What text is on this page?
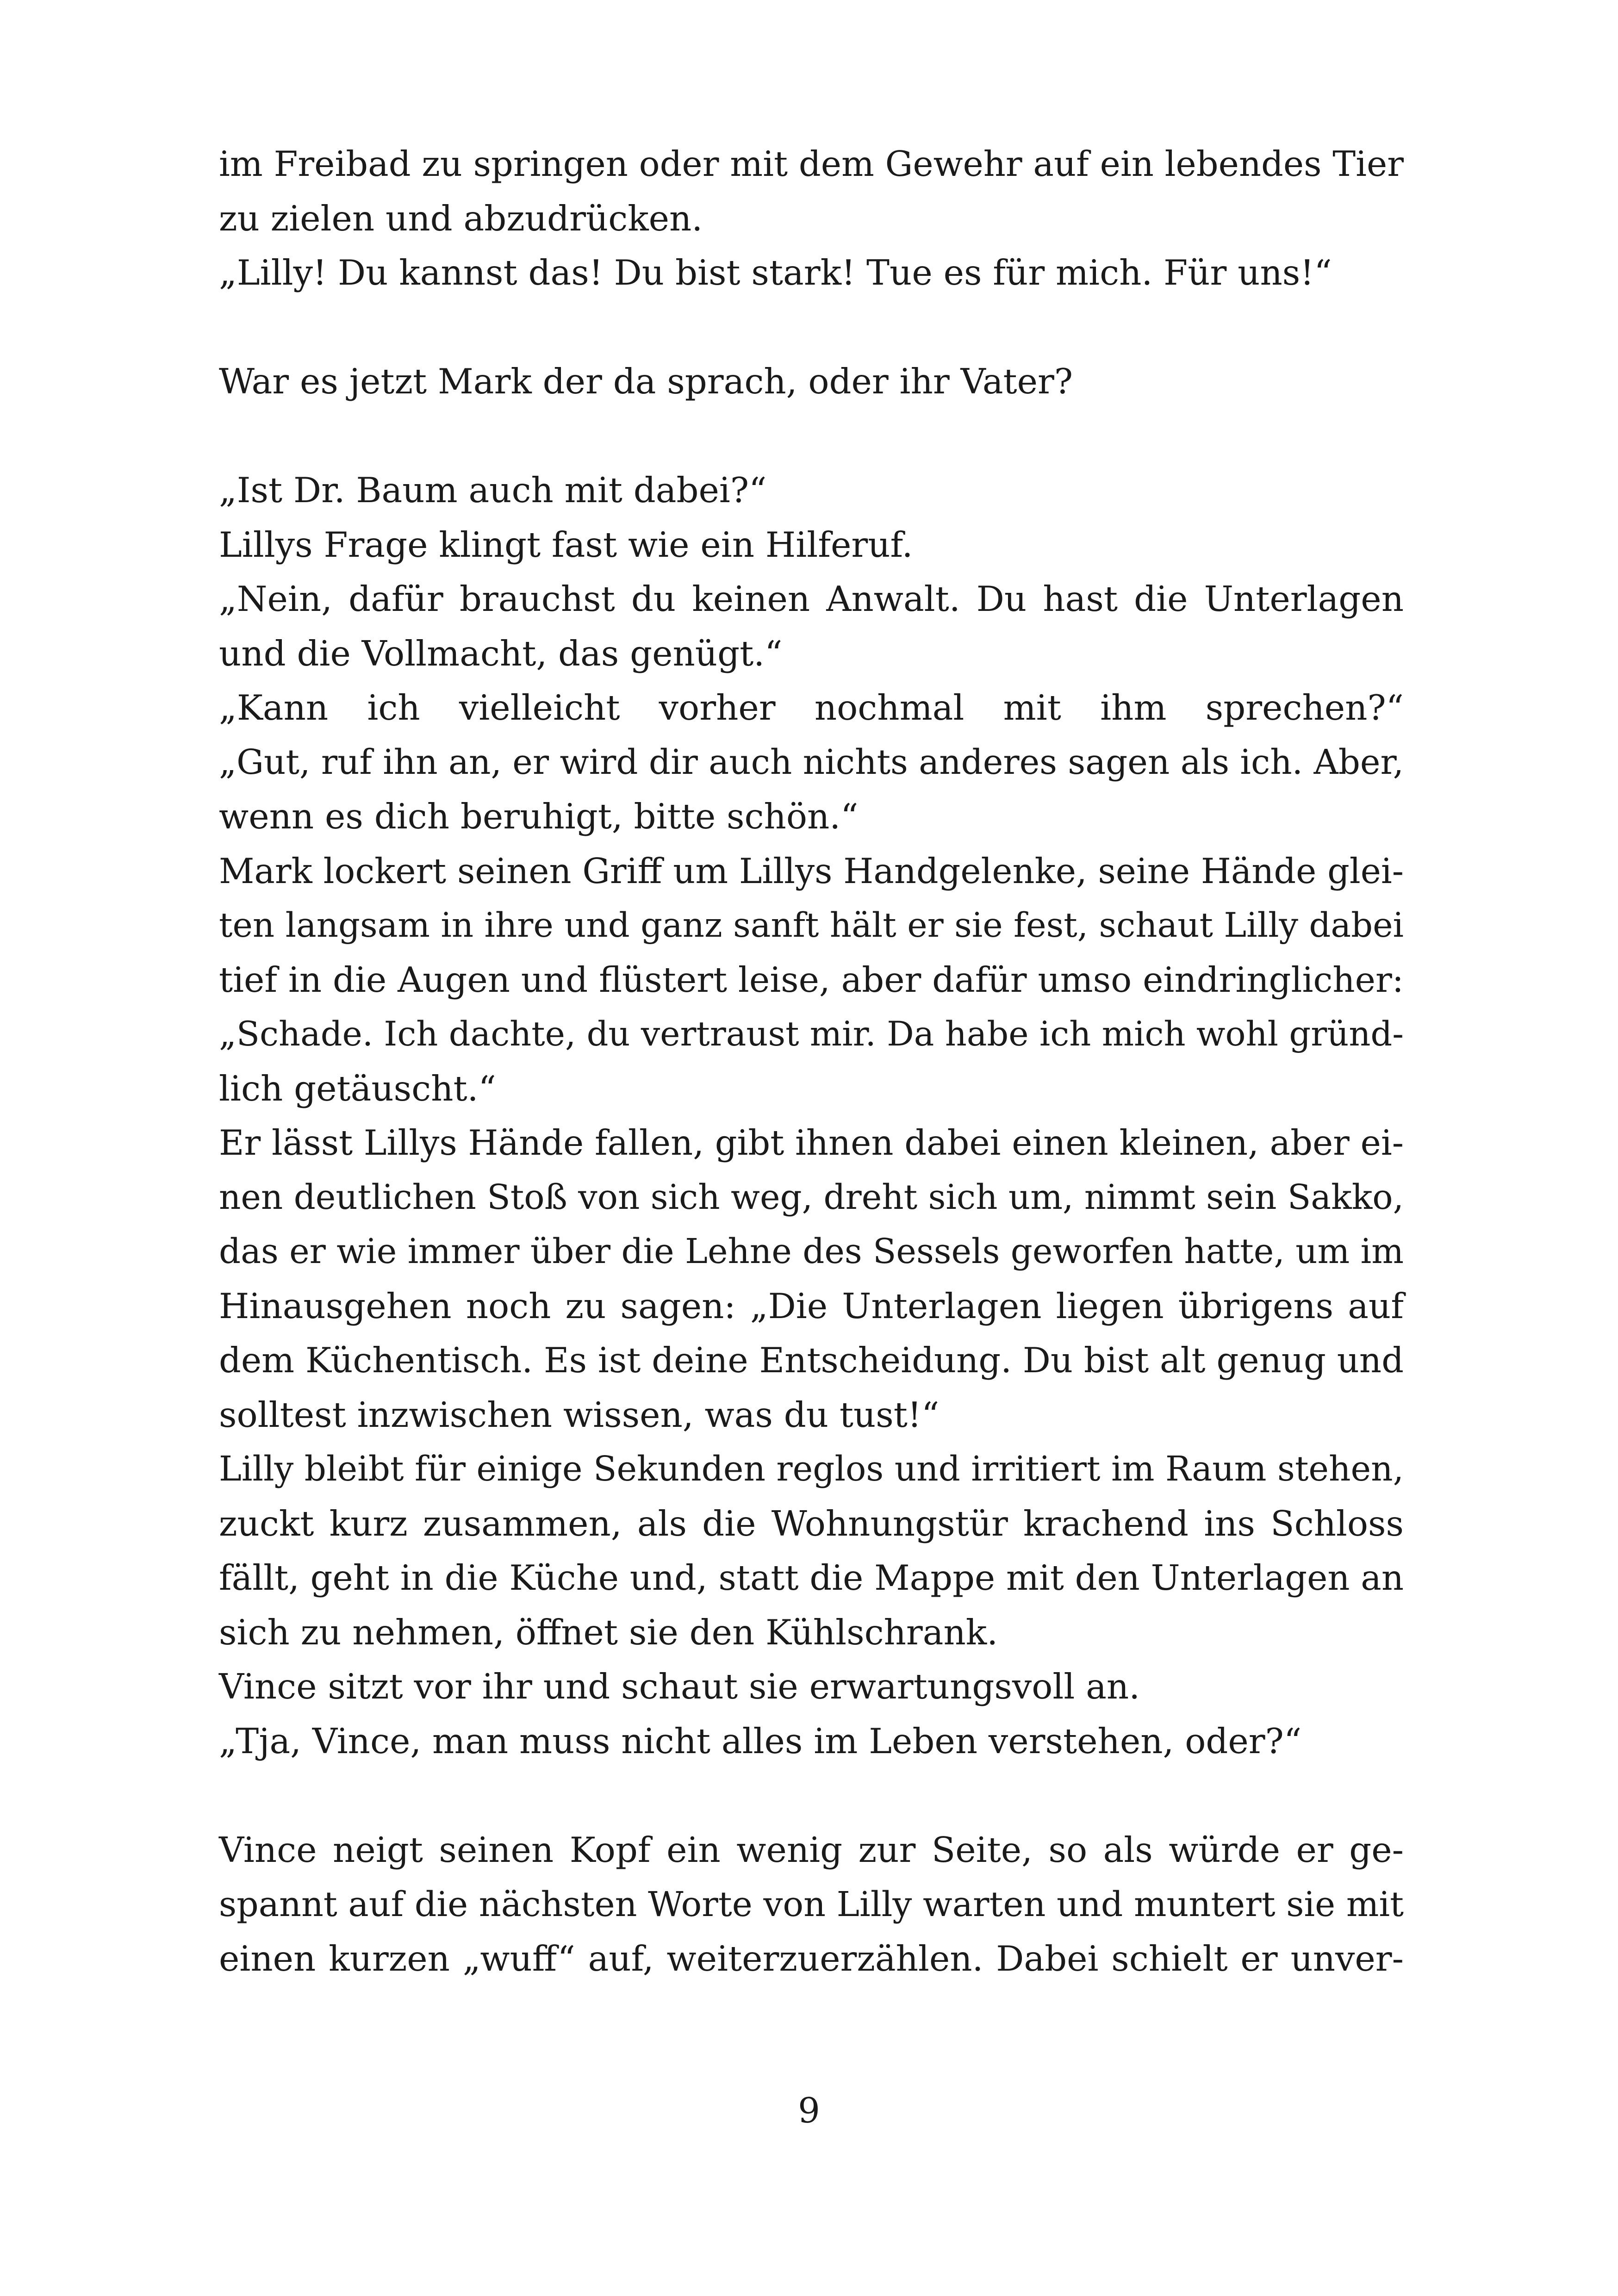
im Freibad zu springen oder mit dem Gewehr auf ein lebendes Tier
zu zielen und abzudrücken.
„Lilly! Du kannst das! Du bist stark! Tue es für mich. Für uns!“
War es jetzt Mark der da sprach, oder ihr Vater?
„Ist Dr. Baum auch mit dabei?“
Lillys Frage klingt fast wie ein Hilferuf.
„Nein, dafür brauchst du keinen Anwalt. Du hast die Unterlagen
und die Vollmacht, das genügt.“
„Kann ich vielleicht vorher nochmal mit ihm sprechen?“
„Gut, ruf ihn an, er wird dir auch nichts anderes sagen als ich. Aber,
wenn es dich beruhigt, bitte schön.“
Mark lockert seinen Griff um Lillys Handgelenke, seine Hände glei-
ten langsam in ihre und ganz sanft hält er sie fest, schaut Lilly dabei
tief in die Augen und flüstert leise, aber dafür umso eindringlicher:
„Schade. Ich dachte, du vertraust mir. Da habe ich mich wohl gründ-
lich getäuscht.“
Er lässt Lillys Hände fallen, gibt ihnen dabei einen kleinen, aber ei-
nen deutlichen Stoß von sich weg, dreht sich um, nimmt sein Sakko,
das er wie immer über die Lehne des Sessels geworfen hatte, um im
Hinausgehen noch zu sagen: „Die Unterlagen liegen übrigens auf
dem Küchentisch. Es ist deine Entscheidung. Du bist alt genug und
solltest inzwischen wissen, was du tust!“
Lilly bleibt für einige Sekunden reglos und irritiert im Raum stehen,
zuckt kurz zusammen, als die Wohnungstür krachend ins Schloss
fällt, geht in die Küche und, statt die Mappe mit den Unterlagen an
sich zu nehmen, öffnet sie den Kühlschrank.
Vince sitzt vor ihr und schaut sie erwartungsvoll an.
„Tja, Vince, man muss nicht alles im Leben verstehen, oder?“
Vince neigt seinen Kopf ein wenig zur Seite, so als würde er ge-
spannt auf die nächsten Worte von Lilly warten und muntert sie mit
einen kurzen „wuff“ auf, weiterzuerzählen. Dabei schielt er unver-
9
